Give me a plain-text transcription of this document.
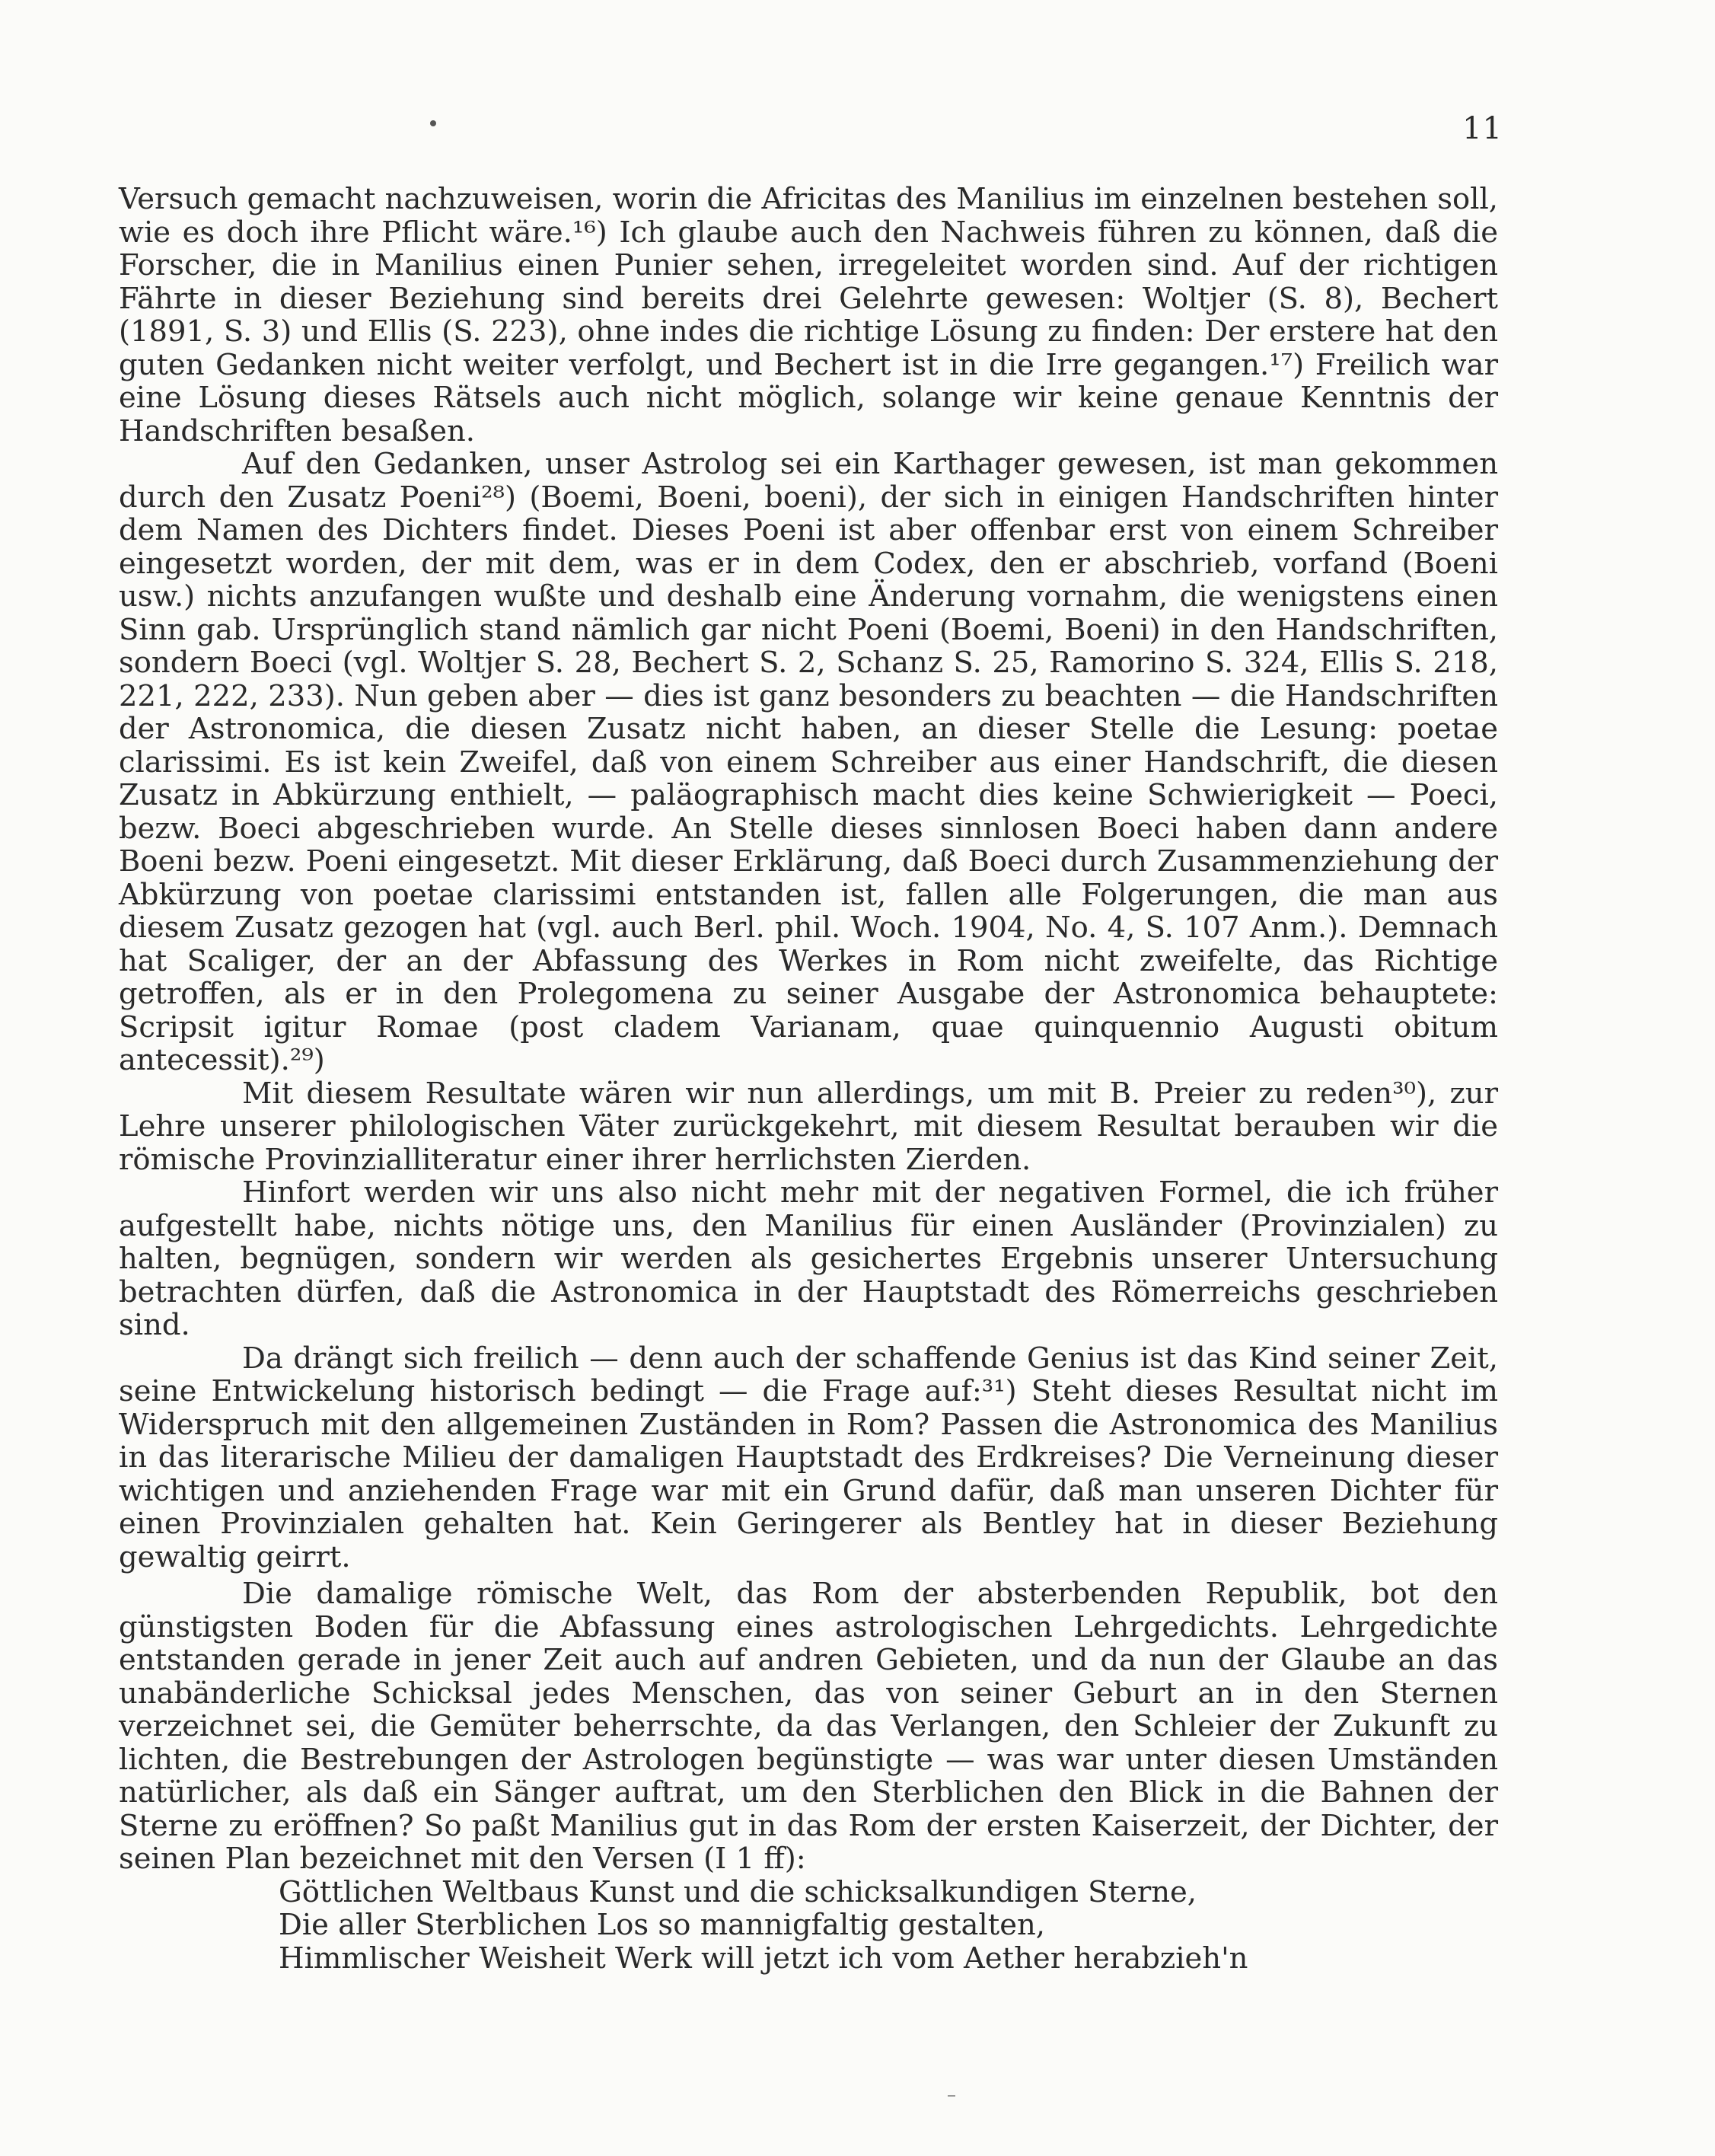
11

Versuch gemacht nachzuweisen, worin die Africitas des Manilius im einzelnen bestehen soll, wie es doch ihre Pflicht wäre.¹⁶) Ich glaube auch den Nachweis führen zu können, daß die Forscher, die in Manilius einen Punier sehen, irregeleitet worden sind. Auf der richtigen Fährte in dieser Beziehung sind bereits drei Gelehrte gewesen: Woltjer (S. 8), Bechert (1891, S. 3) und Ellis (S. 223), ohne indes die richtige Lösung zu finden: Der erstere hat den guten Gedanken nicht weiter verfolgt, und Bechert ist in die Irre gegangen.¹⁷) Freilich war eine Lösung dieses Rätsels auch nicht möglich, solange wir keine genaue Kenntnis der Handschriften besaßen.

Auf den Gedanken, unser Astrolog sei ein Karthager gewesen, ist man gekommen durch den Zusatz Poeni²⁸) (Boemi, Boeni, boeni), der sich in einigen Handschriften hinter dem Namen des Dichters findet. Dieses Poeni ist aber offenbar erst von einem Schreiber eingesetzt worden, der mit dem, was er in dem Codex, den er abschrieb, vorfand (Boeni usw.) nichts anzufangen wußte und deshalb eine Änderung vornahm, die wenigstens einen Sinn gab. Ursprünglich stand nämlich gar nicht Poeni (Boemi, Boeni) in den Handschriften, sondern Boeci (vgl. Woltjer S. 28, Bechert S. 2, Schanz S. 25, Ramorino S. 324, Ellis S. 218, 221, 222, 233). Nun geben aber — dies ist ganz besonders zu beachten — die Handschriften der Astronomica, die diesen Zusatz nicht haben, an dieser Stelle die Lesung: poetae clarissimi. Es ist kein Zweifel, daß von einem Schreiber aus einer Handschrift, die diesen Zusatz in Abkürzung enthielt, — paläographisch macht dies keine Schwierigkeit — Poeci, bezw. Boeci abgeschrieben wurde. An Stelle dieses sinnlosen Boeci haben dann andere Boeni bezw. Poeni eingesetzt. Mit dieser Erklärung, daß Boeci durch Zusammenziehung der Abkürzung von poetae clarissimi entstanden ist, fallen alle Folgerungen, die man aus diesem Zusatz gezogen hat (vgl. auch Berl. phil. Woch. 1904, No. 4, S. 107 Anm.). Demnach hat Scaliger, der an der Abfassung des Werkes in Rom nicht zweifelte, das Richtige getroffen, als er in den Prolegomena zu seiner Ausgabe der Astronomica behauptete: Scripsit igitur Romae (post cladem Varianam, quae quinquennio Augusti obitum antecessit).²⁹)

Mit diesem Resultate wären wir nun allerdings, um mit B. Preier zu reden³⁰), zur Lehre unserer philologischen Väter zurückgekehrt, mit diesem Resultat berauben wir die römische Provinzialliteratur einer ihrer herrlichsten Zierden.

Hinfort werden wir uns also nicht mehr mit der negativen Formel, die ich früher aufgestellt habe, nichts nötige uns, den Manilius für einen Ausländer (Provinzialen) zu halten, begnügen, sondern wir werden als gesichertes Ergebnis unserer Untersuchung betrachten dürfen, daß die Astronomica in der Hauptstadt des Römerreichs geschrieben sind.

Da drängt sich freilich — denn auch der schaffende Genius ist das Kind seiner Zeit, seine Entwickelung historisch bedingt — die Frage auf:³¹) Steht dieses Resultat nicht im Widerspruch mit den allgemeinen Zuständen in Rom? Passen die Astronomica des Manilius in das literarische Milieu der damaligen Hauptstadt des Erdkreises? Die Verneinung dieser wichtigen und anziehenden Frage war mit ein Grund dafür, daß man unseren Dichter für einen Provinzialen gehalten hat. Kein Geringerer als Bentley hat in dieser Beziehung gewaltig geirrt.

Die damalige römische Welt, das Rom der absterbenden Republik, bot den günstigsten Boden für die Abfassung eines astrologischen Lehrgedichts. Lehrgedichte entstanden gerade in jener Zeit auch auf andren Gebieten, und da nun der Glaube an das unabänderliche Schicksal jedes Menschen, das von seiner Geburt an in den Sternen verzeichnet sei, die Gemüter beherrschte, da das Verlangen, den Schleier der Zukunft zu lichten, die Bestrebungen der Astrologen begünstigte — was war unter diesen Umständen natürlicher, als daß ein Sänger auftrat, um den Sterblichen den Blick in die Bahnen der Sterne zu eröffnen? So paßt Manilius gut in das Rom der ersten Kaiserzeit, der Dichter, der seinen Plan bezeichnet mit den Versen (I 1 ff):

Göttlichen Weltbaus Kunst und die schicksalkundigen Sterne,
Die aller Sterblichen Los so mannigfaltig gestalten,
Himmlischer Weisheit Werk will jetzt ich vom Aether herabzieh'n
